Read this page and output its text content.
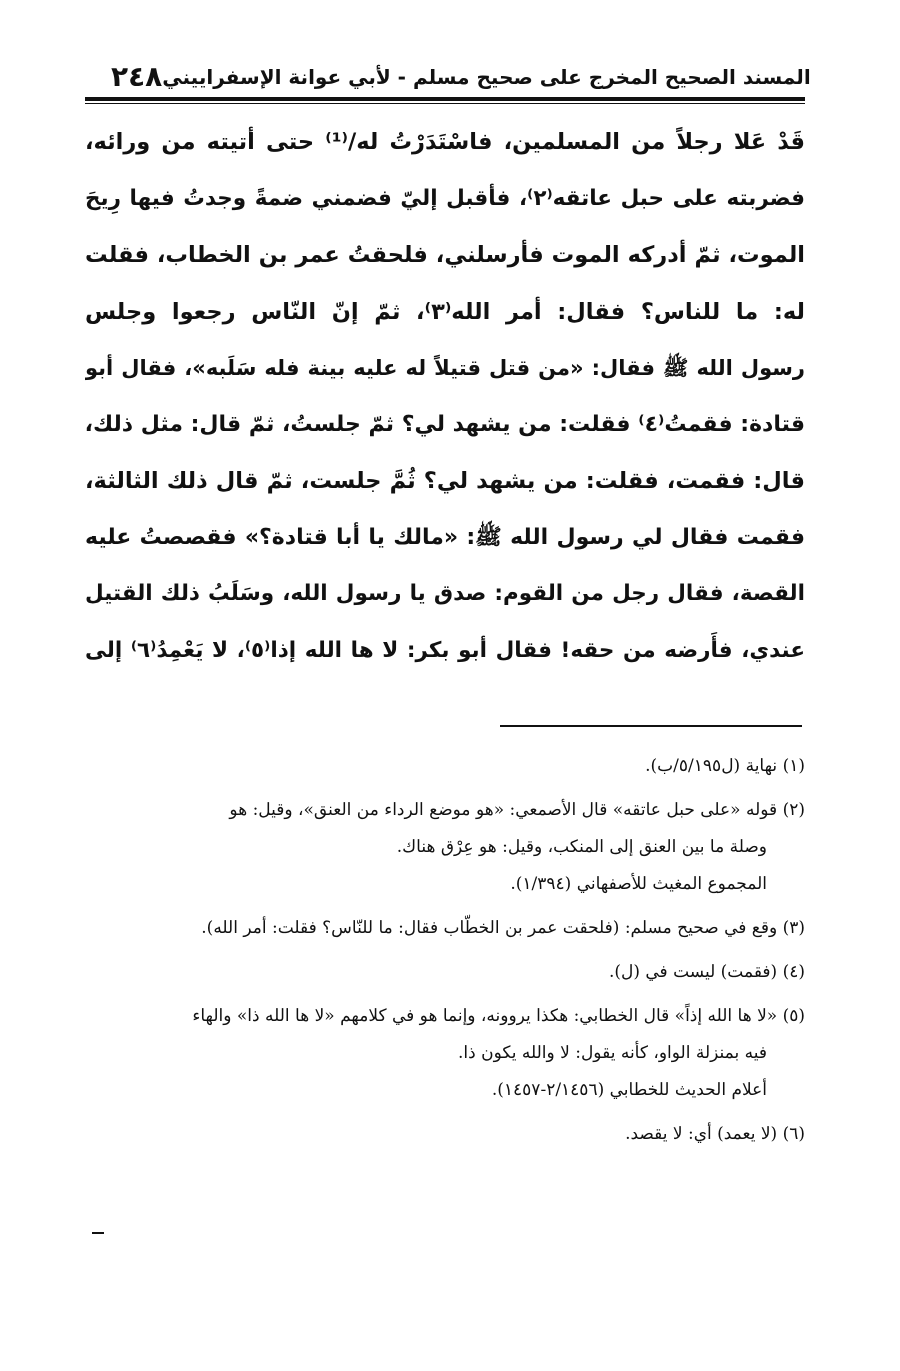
٢٤٨ المسند الصحيح المخرج على صحيح مسلم - لأبي عوانة الإسفراييني
قَدْ عَلا رجلاً من المسلمين، فاسْتَدَرْتُ له/⁽¹⁾ حتى أتيته من ورائه،
فضربته على حبل عاتقه⁽٢⁾، فأقبل إليّ فضمني ضمةً وجدتُ فيها رِيحَ
الموت، ثمّ أدركه الموت فأرسلني، فلحقتُ عمر بن الخطاب، فقلت
له: ما للناس؟ فقال: أمر الله⁽٣⁾، ثمّ إنّ النّاس رجعوا وجلس
رسول الله ﷺ فقال: «من قتل قتيلاً له عليه بينة فله سَلَبه»، فقال أبو
قتادة: فقمتُ⁽٤⁾ فقلت: من يشهد لي؟ ثمّ جلستُ، ثمّ قال: مثل ذلك،
قال: فقمت، فقلت: من يشهد لي؟ ثُمَّ جلست، ثمّ قال ذلك الثالثة،
فقمت فقال لي رسول الله ﷺ: «مالك يا أبا قتادة؟» فقصصتُ عليه
القصة، فقال رجل من القوم: صدق يا رسول الله، وسَلَبُ ذلك القتيل
عندي، فأَرضه من حقه! فقال أبو بكر: لا ها الله إذا⁽٥⁾، لا يَعْمِدُ⁽٦⁾ إلى
(١) نهاية (ل٥/١٩٥/ب).
(٢) قوله «على حبل عاتقه» قال الأصمعي: «هو موضع الرداء من العنق»، وقيل: هو
وصلة ما بين العنق إلى المنكب، وقيل: هو عِرْق هناك.
المجموع المغيث للأصفهاني (١/٣٩٤).
(٣) وقع في صحيح مسلم: (فلحقت عمر بن الخطّاب فقال: ما للنّاس؟ فقلت: أمر الله).
(٤) (فقمت) ليست في (ل).
(٥) «لا ها الله إذاً» قال الخطابي: هكذا يروونه، وإنما هو في كلامهم «لا ها الله ذا» والهاء
فيه بمنزلة الواو، كأنه يقول: لا والله يكون ذا.
أعلام الحديث للخطابي (٢/١٤٥٦-١٤٥٧).
(٦) (لا يعمد) أي: لا يقصد.
